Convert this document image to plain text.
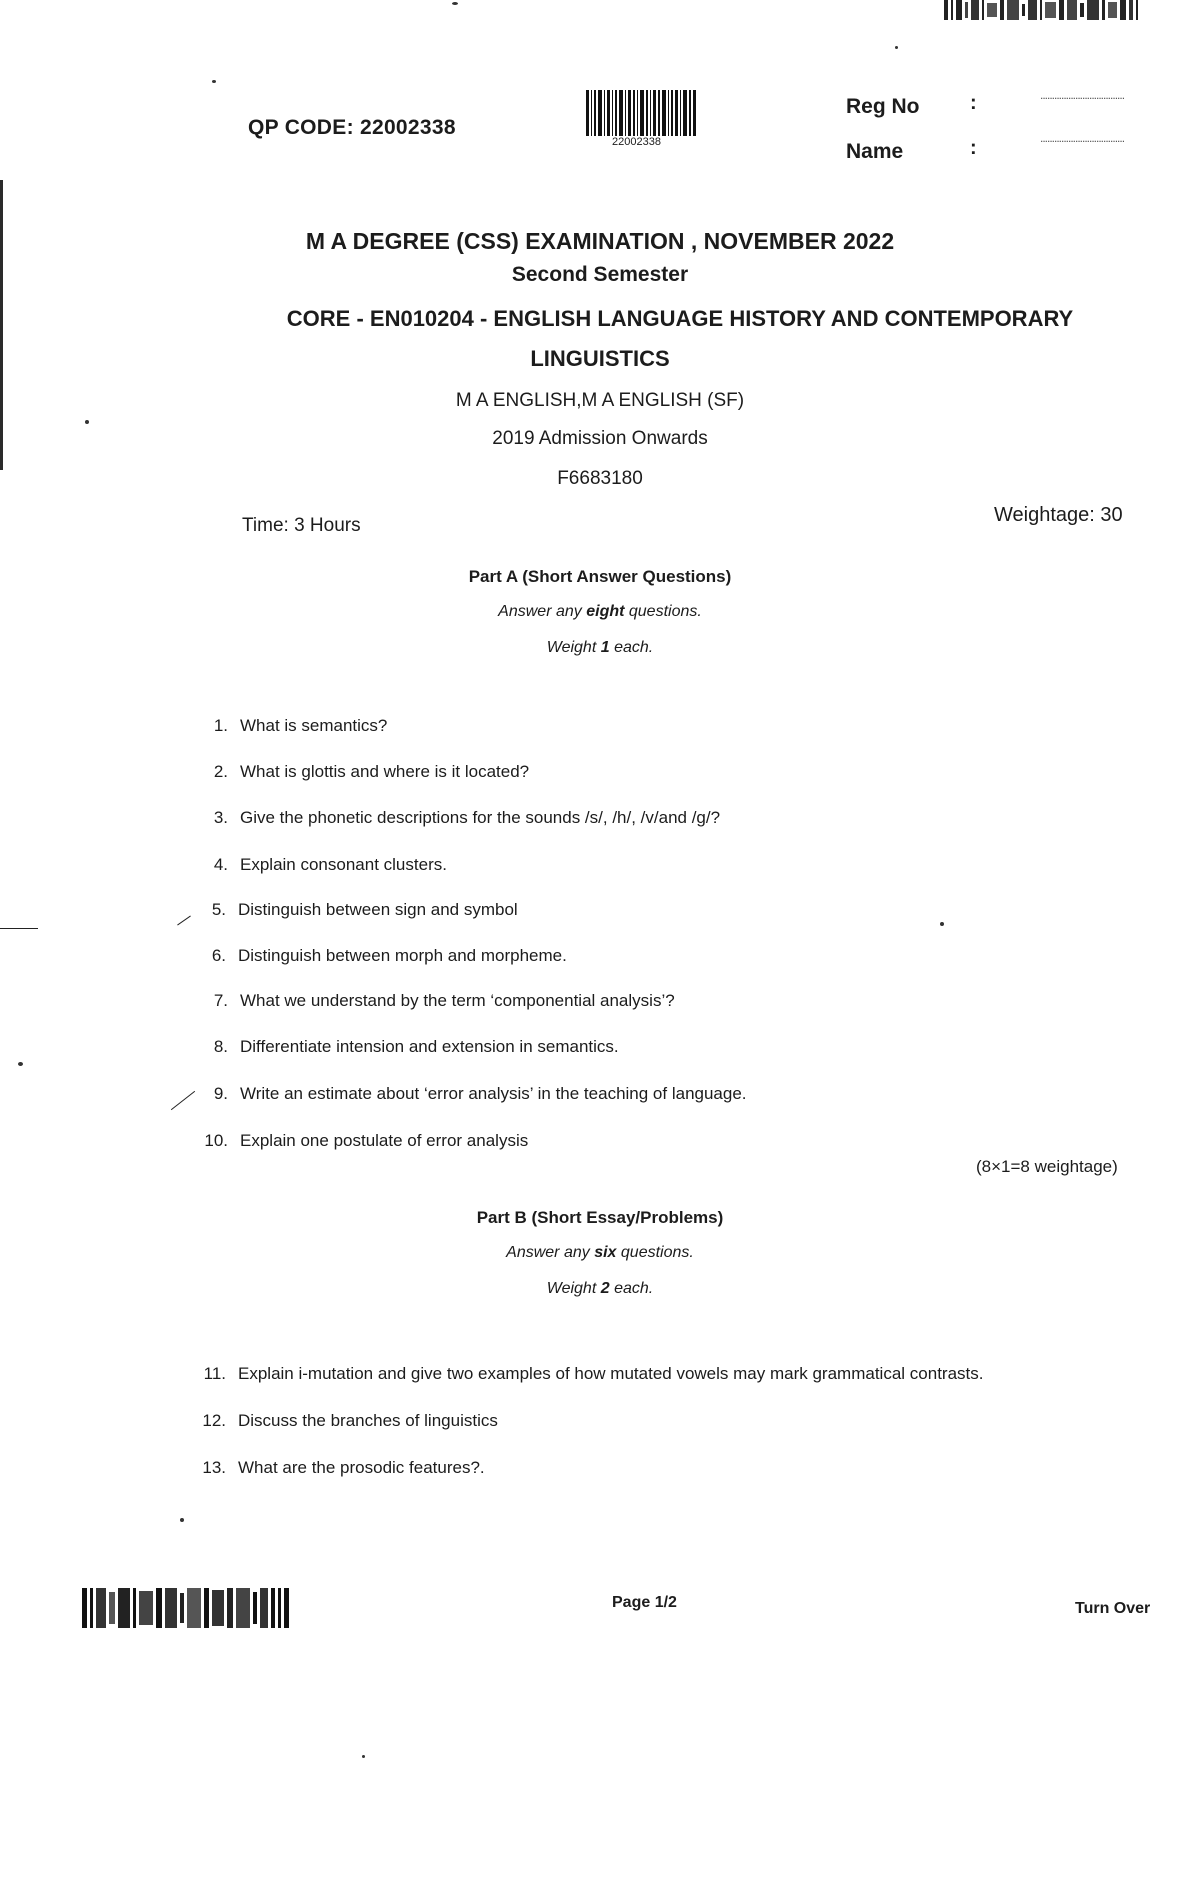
QP CODE: 22002338
22002338
Reg No	:	....................................
Name	:	....................................
M A DEGREE (CSS) EXAMINATION , NOVEMBER 2022
Second Semester
CORE - EN010204 - ENGLISH LANGUAGE HISTORY AND CONTEMPORARY
LINGUISTICS
M A ENGLISH,M A ENGLISH (SF)
2019 Admission Onwards
F6683180
Time: 3 Hours	Weightage: 30
Part A (Short Answer Questions)
Answer any eight questions.
Weight 1 each.
1. What is semantics?
2. What is glottis and where is it located?
3. Give the phonetic descriptions for the sounds /s/, /h/, /v/and /g/?
4. Explain consonant clusters.
5. Distinguish between sign and symbol
6. Distinguish between morph and morpheme.
7. What we understand by the term ‘componential analysis’?
8. Differentiate intension and extension in semantics.
9. Write an estimate about ‘error analysis’ in the teaching of language.
10. Explain one postulate of error analysis
(8×1=8 weightage)
Part B (Short Essay/Problems)
Answer any six questions.
Weight 2 each.
11. Explain i-mutation and give two examples of how mutated vowels may mark grammatical contrasts.
12. Discuss the branches of linguistics
13. What are the prosodic features?.
Page 1/2	Turn Over
